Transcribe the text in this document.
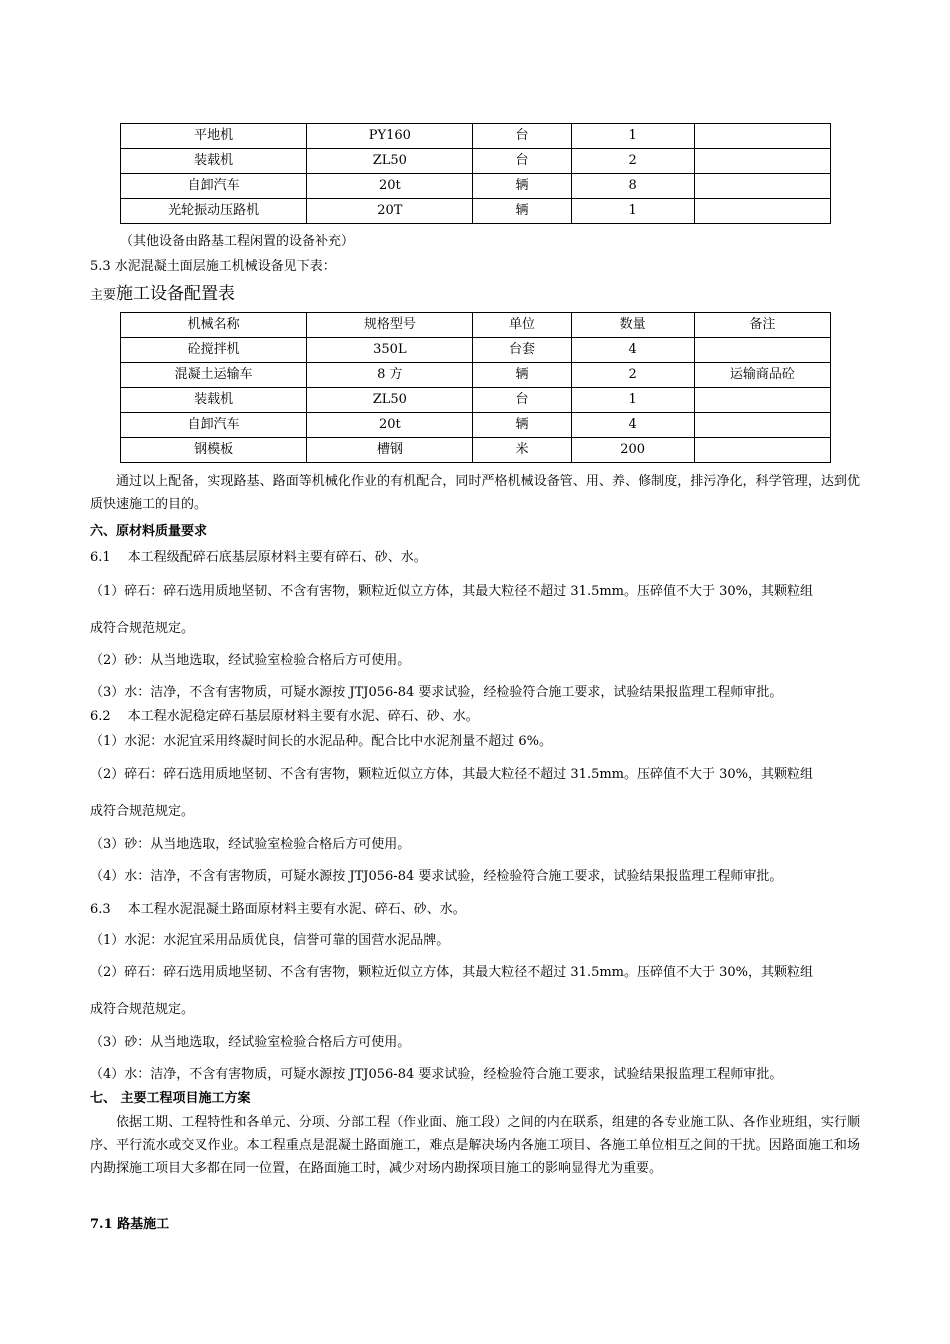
平地机	PY160	台	1	
装载机	ZL50	台	2	
自卸汽车	20t	辆	8	
光轮振动压路机	20T	辆	1	
（其他设备由路基工程闲置的设备补充）
5.3 水泥混凝土面层施工机械设备见下表：
主要施工设备配置表
机械名称	规格型号	单位	数量	备注
砼搅拌机	350L	台套	4	
混凝土运输车	8 方	辆	2	运输商品砼
装载机	ZL50	台	1	
自卸汽车	20t	辆	4	
钢模板	槽钢	米	200	
通过以上配备，实现路基、路面等机械化作业的有机配合，同时严格机械设备管、用、养、修制度，排污净化，科学管理，达到优质快速施工的目的。
六、原材料质量要求
6.1　 本工程级配碎石底基层原材料主要有碎石、砂、水。
（1）碎石：碎石选用质地坚韧、不含有害物，颗粒近似立方体，其最大粒径不超过 31.5mm。压碎值不大于 30%，其颗粒组
成符合规范规定。
（2）砂：从当地选取，经试验室检验合格后方可使用。
（3）水：洁净，不含有害物质，可疑水源按 JTJ056-84 要求试验，经检验符合施工要求，试验结果报监理工程师审批。
6.2　 本工程水泥稳定碎石基层原材料主要有水泥、碎石、砂、水。
（1）水泥：水泥宜采用终凝时间长的水泥品种。配合比中水泥剂量不超过 6%。
（2）碎石：碎石选用质地坚韧、不含有害物，颗粒近似立方体，其最大粒径不超过 31.5mm。压碎值不大于 30%，其颗粒组
成符合规范规定。
（3）砂：从当地选取，经试验室检验合格后方可使用。
（4）水：洁净，不含有害物质，可疑水源按 JTJ056-84 要求试验，经检验符合施工要求，试验结果报监理工程师审批。
6.3　 本工程水泥混凝土路面原材料主要有水泥、碎石、砂、水。
（1）水泥：水泥宜采用品质优良，信誉可靠的国营水泥品牌。
（2）碎石：碎石选用质地坚韧、不含有害物，颗粒近似立方体，其最大粒径不超过 31.5mm。压碎值不大于 30%，其颗粒组
成符合规范规定。
（3）砂：从当地选取，经试验室检验合格后方可使用。
（4）水：洁净，不含有害物质，可疑水源按 JTJ056-84 要求试验，经检验符合施工要求，试验结果报监理工程师审批。
七、 主要工程项目施工方案
依据工期、工程特性和各单元、分项、分部工程（作业面、施工段）之间的内在联系，组建的各专业施工队、各作业班组，实行顺序、平行流水或交叉作业。本工程重点是混凝土路面施工，难点是解决场内各施工项目、各施工单位相互之间的干扰。因路面施工和场内勘探施工项目大多都在同一位置，在路面施工时，减少对场内勘探项目施工的影响显得尤为重要。
7.1 路基施工
